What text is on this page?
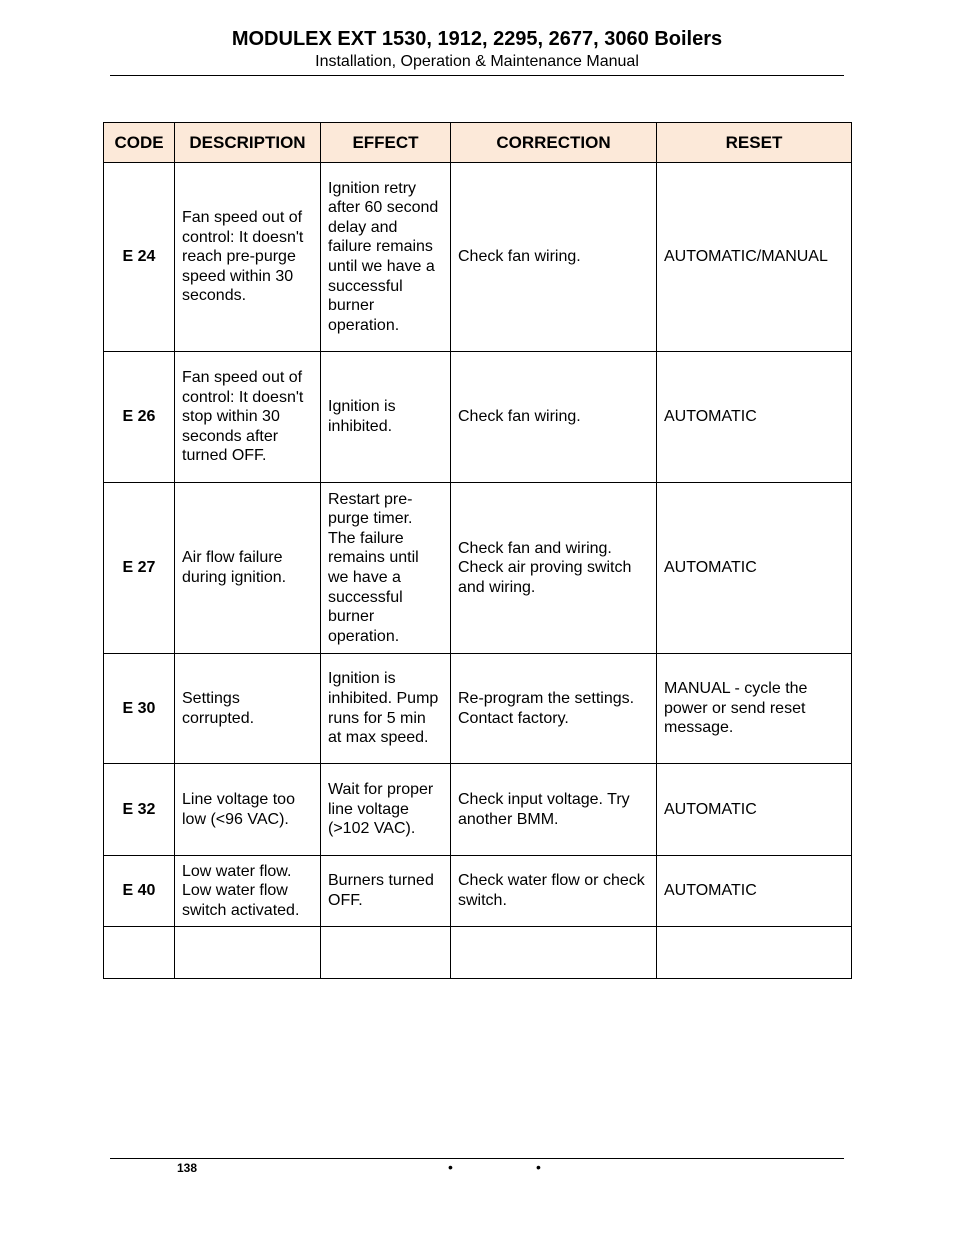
MODULEX EXT 1530, 1912, 2295, 2677, 3060 Boilers
Installation, Operation & Maintenance Manual
CODE	DESCRIPTION	EFFECT	CORRECTION	RESET
E 24	Fan speed out of control: It doesn't reach pre-purge speed within 30 seconds.	Ignition retry after 60 second delay and failure remains until we have a successful burner operation.	Check fan wiring.	AUTOMATIC/MANUAL
E 26	Fan speed out of control: It doesn't stop within 30 seconds after turned OFF.	Ignition is inhibited.	Check fan wiring.	AUTOMATIC
E 27	Air flow failure during ignition.	Restart pre-purge timer. The failure remains until we have a successful burner operation.	Check fan and wiring. Check air proving switch and wiring.	AUTOMATIC
E 30	Settings corrupted.	Ignition is inhibited. Pump runs for 5 min at max speed.	Re-program the settings. Contact factory.	MANUAL - cycle the power or send reset message.
E 32	Line voltage too low (<96 VAC).	Wait for proper line voltage (>102 VAC).	Check input voltage. Try another BMM.	AUTOMATIC
E 40	Low water flow. Low water flow switch activated.	Burners turned OFF.	Check water flow or check switch.	AUTOMATIC

138	•	•
